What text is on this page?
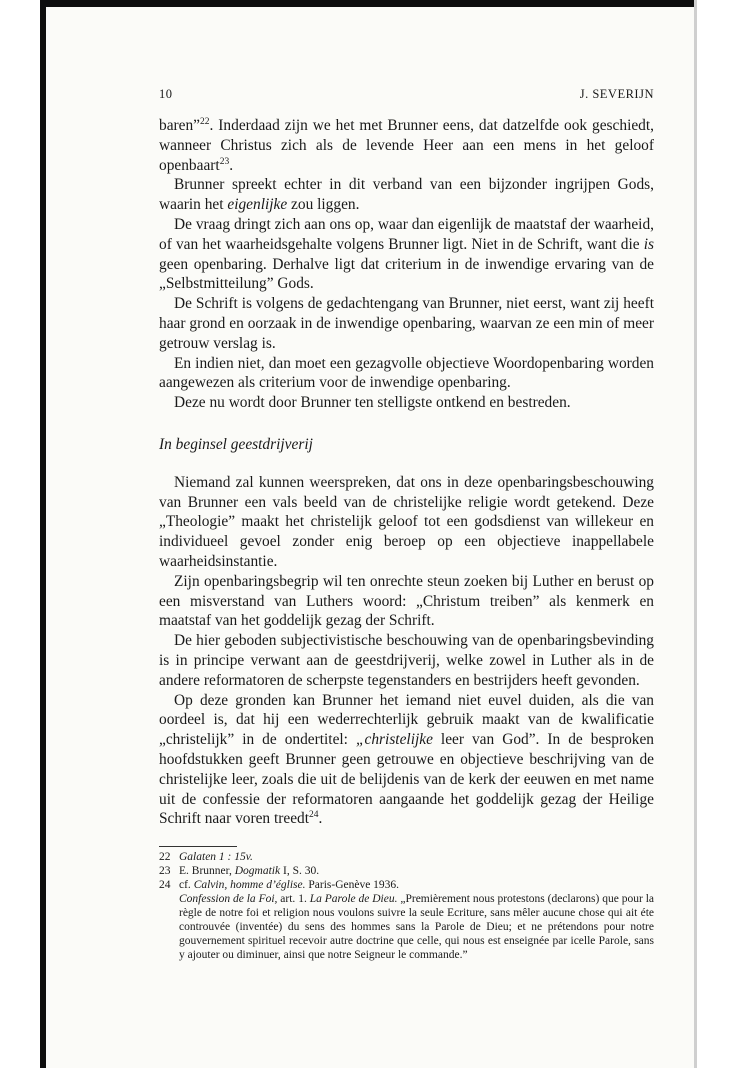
10	J. SEVERIJN

baren”$^{22}$. Inderdaad zijn we het met Brunner eens, dat datzelfde ook geschiedt, wanneer Christus zich als de levende Heer aan een mens in het geloof openbaart$^{23}$.

Brunner spreekt echter in dit verband van een bijzonder ingrijpen Gods, waarin het eigenlijke zou liggen.

De vraag dringt zich aan ons op, waar dan eigenlijk de maatstaf der waarheid, of van het waarheidsgehalte volgens Brunner ligt. Niet in de Schrift, want die is geen openbaring. Derhalve ligt dat criterium in de inwendige ervaring van de „Selbstmitteilung” Gods.

De Schrift is volgens de gedachtengang van Brunner, niet eerst, want zij heeft haar grond en oorzaak in de inwendige openbaring, waarvan ze een min of meer getrouw verslag is.

En indien niet, dan moet een gezagvolle objectieve Woordopenbaring worden aangewezen als criterium voor de inwendige openbaring.

Deze nu wordt door Brunner ten stelligste ontkend en bestreden.

In beginsel geestdrijverij

Niemand zal kunnen weerspreken, dat ons in deze openbaringsbeschouwing van Brunner een vals beeld van de christelijke religie wordt getekend. Deze „Theologie” maakt het christelijk geloof tot een godsdienst van willekeur en individueel gevoel zonder enig beroep op een objectieve inappellabele waarheidsinstantie.

Zijn openbaringsbegrip wil ten onrechte steun zoeken bij Luther en berust op een misverstand van Luthers woord: „Christum treiben” als kenmerk en maatstaf van het goddelijk gezag der Schrift.

De hier geboden subjectivistische beschouwing van de openbaringsbevinding is in principe verwant aan de geestdrijverij, welke zowel in Luther als in de andere reformatoren de scherpste tegenstanders en bestrijders heeft gevonden.

Op deze gronden kan Brunner het iemand niet euvel duiden, als die van oordeel is, dat hij een wederrechterlijk gebruik maakt van de kwalificatie „christelijk” in de ondertitel: „christelijke leer van God”. In de besproken hoofdstukken geeft Brunner geen getrouwe en objectieve beschrijving van de christelijke leer, zoals die uit de belijdenis van de kerk der eeuwen en met name uit de confessie der reformatoren aangaande het goddelijk gezag der Heilige Schrift naar voren treedt$^{24}$.

22 Galaten 1 : 15v.
23 E. Brunner, Dogmatik I, S. 30.
24 cf. Calvin, homme d’église. Paris-Genève 1936.
Confession de la Foi, art. 1. La Parole de Dieu. „Premièrement nous protestons (declarons) que pour la règle de notre foi et religion nous voulons suivre la seule Ecriture, sans mêler aucune chose qui ait éte controuvée (inventée) du sens des hommes sans la Parole de Dieu; et ne prétendons pour notre gouvernement spirituel recevoir autre doctrine que celle, qui nous est enseignée par icelle Parole, sans y ajouter ou diminuer, ainsi que notre Seigneur le commande.”
